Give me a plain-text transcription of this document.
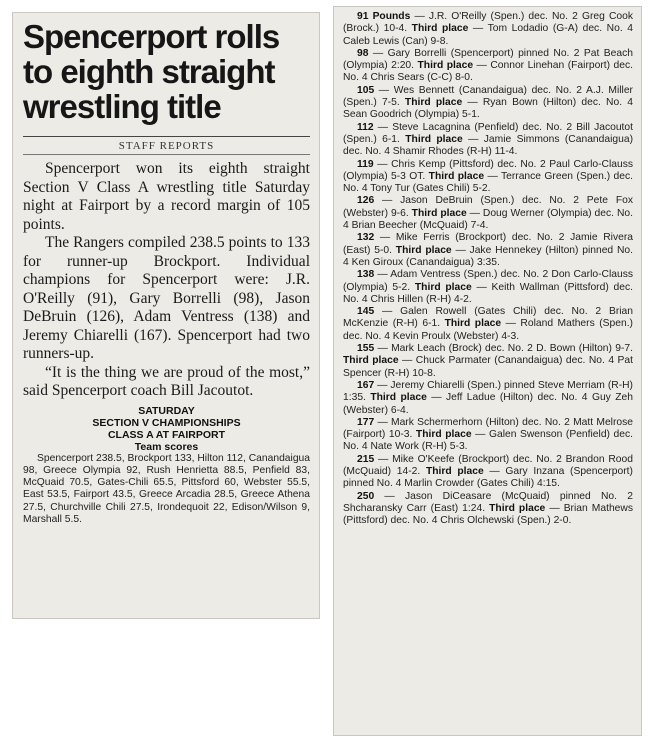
Spencerport rolls
to eighth straight
wrestling title
STAFF REPORTS

Spencerport won its eighth straight Section V Class A wrestling title Saturday night at Fairport by a record margin of 105 points.

The Rangers compiled 238.5 points to 133 for runner-up Brockport. Individual champions for Spencerport were: J.R. O'Reilly (91), Gary Borrelli (98), Jason DeBruin (126), Adam Ventress (138) and Jeremy Chiarelli (167). Spencerport had two runners-up.

“It is the thing we are proud of the most,” said Spencerport coach Bill Jacoutot.

SATURDAY
SECTION V CHAMPIONSHIPS
CLASS A AT FAIRPORT
Team scores

Spencerport 238.5, Brockport 133, Hilton 112, Canandaigua 98, Greece Olympia 92, Rush Henrietta 88.5, Penfield 83, McQuaid 70.5, Gates-Chili 65.5, Pittsford 60, Webster 55.5, East 53.5, Fairport 43.5, Greece Arcadia 28.5, Greece Athena 27.5, Churchville Chili 27.5, Irondequoit 22, Edison/Wilson 9, Marshall 5.5.

91 Pounds — J.R. O'Reilly (Spen.) dec. No. 2 Greg Cook (Brock.) 10-4. Third place — Tom Lodadio (G-A) dec. No. 4 Caleb Lewis (Can) 9-8.

98 — Gary Borrelli (Spencerport) pinned No. 2 Pat Beach (Olympia) 2:20. Third place — Connor Linehan (Fairport) dec. No. 4 Chris Sears (C-C) 8-0.

105 — Wes Bennett (Canandaigua) dec. No. 2 A.J. Miller (Spen.) 7-5. Third place — Ryan Bown (Hilton) dec. No. 4 Sean Goodrich (Olympia) 5-1.

112 — Steve Lacagnina (Penfield) dec. No. 2 Bill Jacoutot (Spen.) 6-1. Third place — Jamie Simmons (Canandaigua) dec. No. 4 Shamir Rhodes (R-H) 11-4.

119 — Chris Kemp (Pittsford) dec. No. 2 Paul Carlo-Clauss (Olympia) 5-3 OT. Third place — Terrance Green (Spen.) dec. No. 4 Tony Tur (Gates Chili) 5-2.

126 — Jason DeBruin (Spen.) dec. No. 2 Pete Fox (Webster) 9-6. Third place — Doug Werner (Olympia) dec. No. 4 Brian Beecher (McQuaid) 7-4.

132 — Mike Ferris (Brockport) dec. No. 2 Jamie Rivera (East) 5-0. Third place — Jake Hennekey (Hilton) pinned No. 4 Ken Giroux (Canandaigua) 3:35.

138 — Adam Ventress (Spen.) dec. No. 2 Don Carlo-Clauss (Olympia) 5-2. Third place — Keith Wallman (Pittsford) dec. No. 4 Chris Hillen (R-H) 4-2.

145 — Galen Rowell (Gates Chili) dec. No. 2 Brian McKenzie (R-H) 6-1. Third place — Roland Mathers (Spen.) dec. No. 4 Kevin Proulx (Webster) 4-3.

155 — Mark Leach (Brock) dec. No. 2 D. Bown (Hilton) 9-7. Third place — Chuck Parmater (Canandaigua) dec. No. 4 Pat Spencer (R-H) 10-8.

167 — Jeremy Chiarelli (Spen.) pinned Steve Merriam (R-H) 1:35. Third place — Jeff Ladue (Hilton) dec. No. 4 Guy Zeh (Webster) 6-4.

177 — Mark Schermerhorn (Hilton) dec. No. 2 Matt Melrose (Fairport) 10-3. Third place — Galen Swenson (Penfield) dec. No. 4 Nate Work (R-H) 5-3.

215 — Mike O'Keefe (Brockport) dec. No. 2 Brandon Rood (McQuaid) 14-2. Third place — Gary Inzana (Spencerport) pinned No. 4 Marlin Crowder (Gates Chili) 4:15.

250 — Jason DiCeasare (McQuaid) pinned No. 2 Shcharansky Carr (East) 1:24. Third place — Brian Mathews (Pittsford) dec. No. 4 Chris Olchewski (Spen.) 2-0.
